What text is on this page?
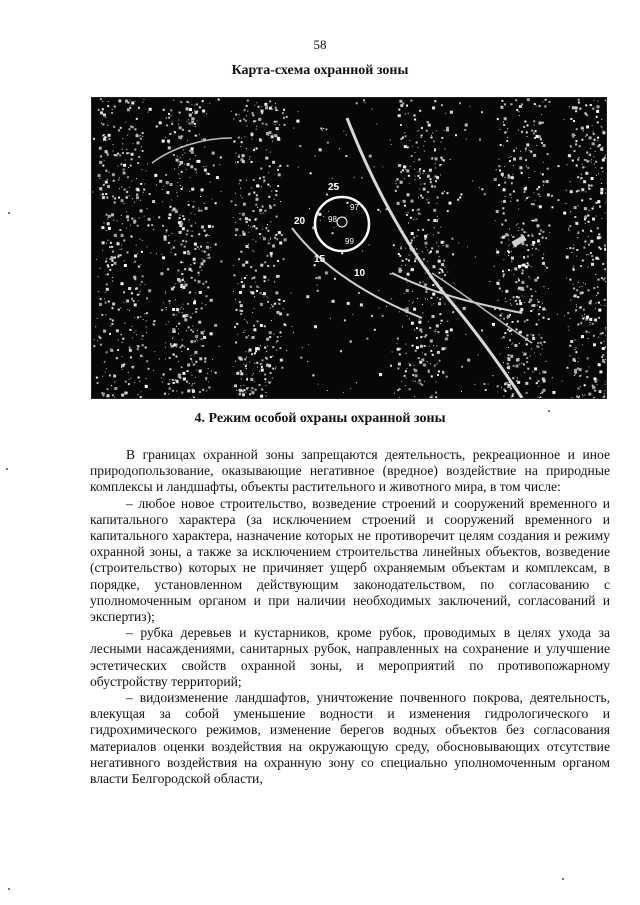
58
Карта-схема охранной зоны
25
20
15
10
97
98
99
4. Режим особой охраны охранной зоны

В границах охранной зоны запрещаются деятельность, рекреационное и иное природопользование, оказывающие негативное (вредное) воздействие на природные комплексы и ландшафты, объекты растительного и животного мира, в том числе:

– любое новое строительство, возведение строений и сооружений временного и капитального характера (за исключением строений и сооружений временного и капитального характера, назначение которых не противоречит целям создания и режиму охранной зоны, а также за исключением строительства линейных объектов, возведение (строительство) которых не причиняет ущерб охраняемым объектам и комплексам, в порядке, установленном действующим законодательством, по согласованию с уполномоченным органом и при наличии необходимых заключений, согласований и экспертиз);

– рубка деревьев и кустарников, кроме рубок, проводимых в целях ухода за лесными насаждениями, санитарных рубок, направленных на сохранение и улучшение эстетических свойств охранной зоны, и мероприятий по противопожарному обустройству территорий;

– видоизменение ландшафтов, уничтожение почвенного покрова, деятельность, влекущая за собой уменьшение водности и изменения гидрологического и гидрохимического режимов, изменение берегов водных объектов без согласования материалов оценки воздействия на окружающую среду, обосновывающих отсутствие негативного воздействия на охранную зону со специально уполномоченным органом власти Белгородской области,
